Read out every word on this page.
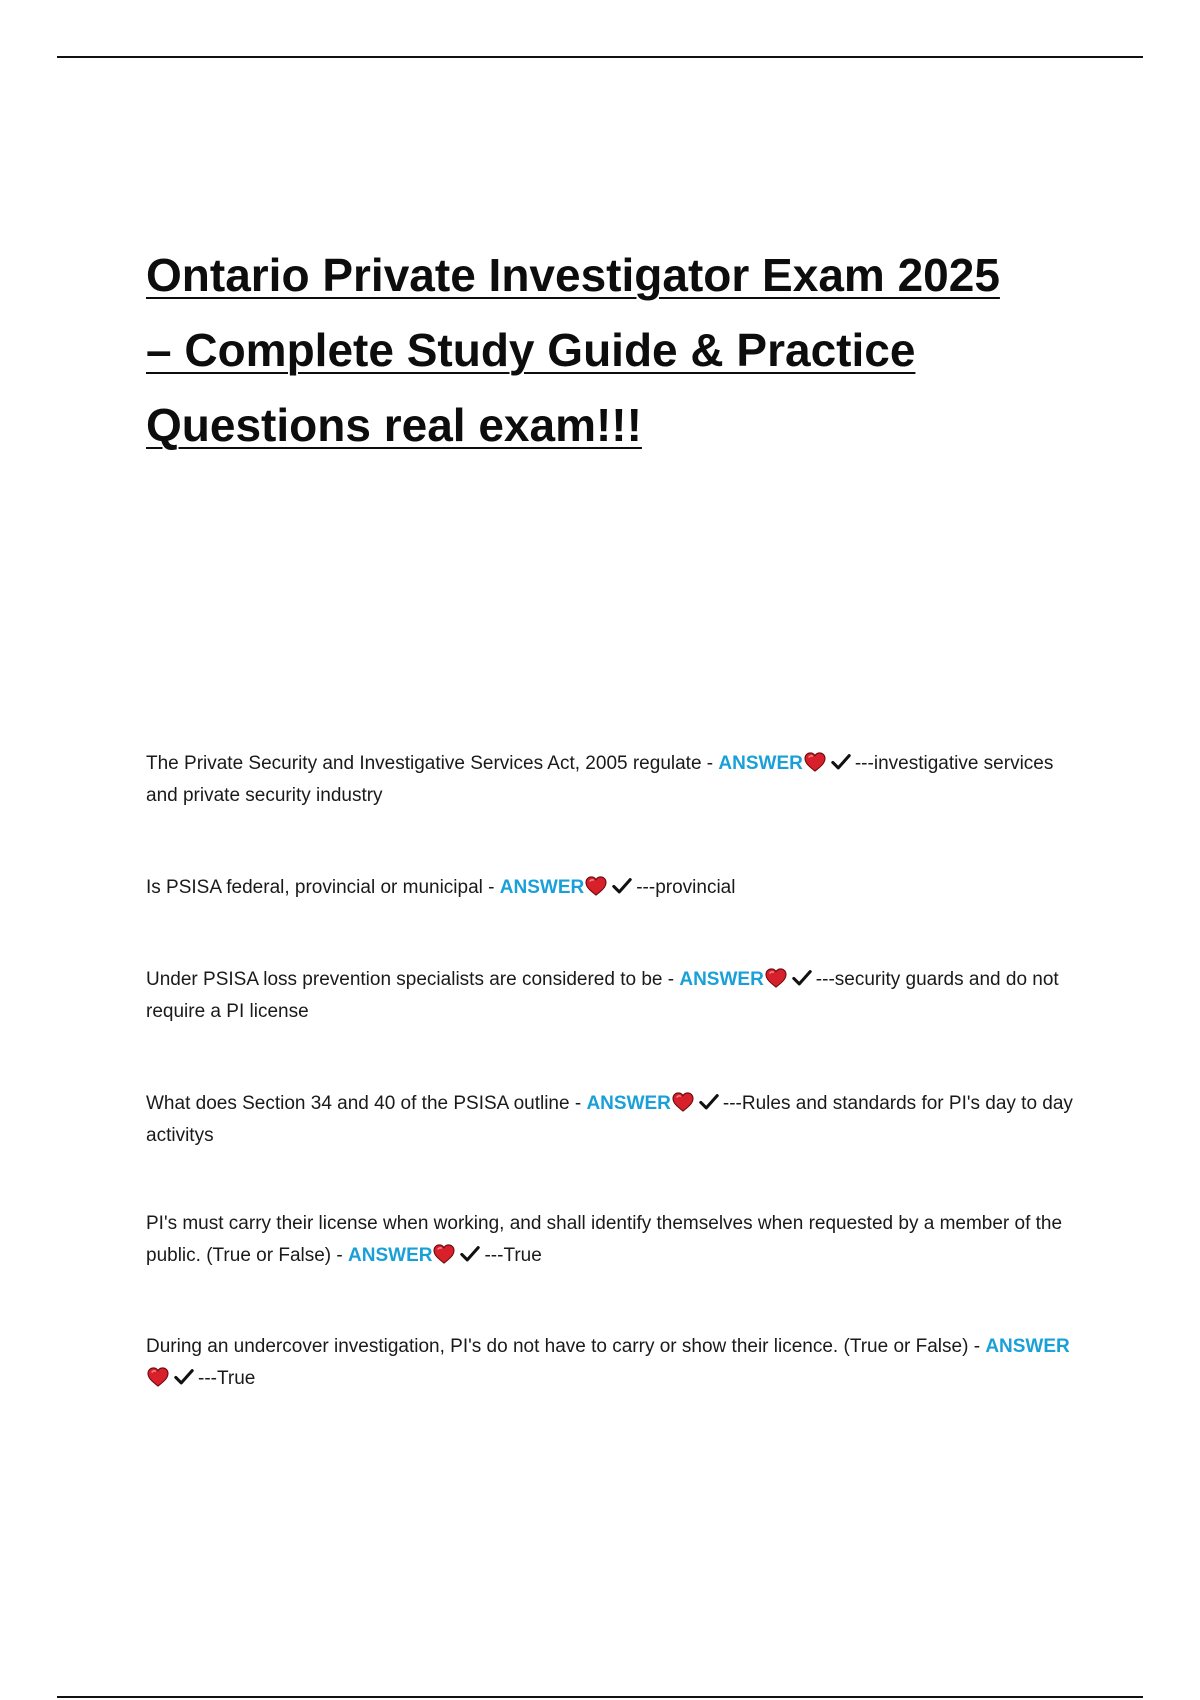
Ontario Private Investigator Exam 2025
– Complete Study Guide & Practice
Questions real exam!!!
The Private Security and Investigative Services Act, 2005 regulate - ANSWER	---investigative services and private security industry
Is PSISA federal, provincial or municipal - ANSWER	---provincial
Under PSISA loss prevention specialists are considered to be - ANSWER	---security guards and do not require a PI license
What does Section 34 and 40 of the PSISA outline - ANSWER	---Rules and standards for PI's day to day activitys
PI's must carry their license when working, and shall identify themselves when requested by a member of the public. (True or False) - ANSWER	---True
During an undercover investigation, PI's do not have to carry or show their licence. (True or False) - ANSWER---True
